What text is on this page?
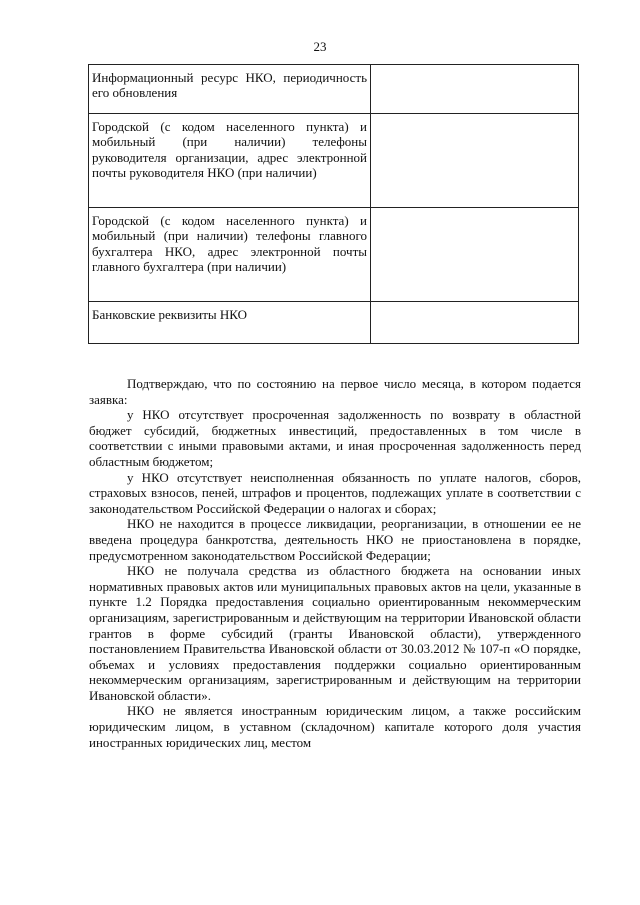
23
Информационный ресурс НКО, периодичность его обновления	
Городской (с кодом населенного пункта) и мобильный (при наличии) телефоны руководителя организации, адрес электронной почты руководителя НКО (при наличии)	
Городской (с кодом населенного пункта) и мобильный (при наличии) телефоны главного бухгалтера НКО, адрес электронной почты главного бухгалтера (при наличии)	
Банковские реквизиты НКО	

Подтверждаю, что по состоянию на первое число месяца, в котором подается заявка:

у НКО отсутствует просроченная задолженность по возврату в областной бюджет субсидий, бюджетных инвестиций, предоставленных в том числе в соответствии с иными правовыми актами, и иная просроченная задолженность перед областным бюджетом;

у НКО отсутствует неисполненная обязанность по уплате налогов, сборов, страховых взносов, пеней, штрафов и процентов, подлежащих уплате в соответствии с законодательством Российской Федерации о налогах и сборах;

НКО не находится в процессе ликвидации, реорганизации, в отношении ее не введена процедура банкротства, деятельность НКО не приостановлена в порядке, предусмотренном законодательством Российской Федерации;

НКО не получала средства из областного бюджета на основании иных нормативных правовых актов или муниципальных правовых актов на цели, указанные в пункте 1.2 Порядка предоставления социально ориентированным некоммерческим организациям, зарегистрированным и действующим на территории Ивановской области грантов в форме субсидий (гранты Ивановской области), утвержденного постановлением Правительства Ивановской области от 30.03.2012 № 107-п «О порядке, объемах и условиях предоставления поддержки социально ориентированным некоммерческим организациям, зарегистрированным и действующим на территории Ивановской области».

НКО не является иностранным юридическим лицом, а также российским юридическим лицом, в уставном (складочном) капитале которого доля участия иностранных юридических лиц, местом
